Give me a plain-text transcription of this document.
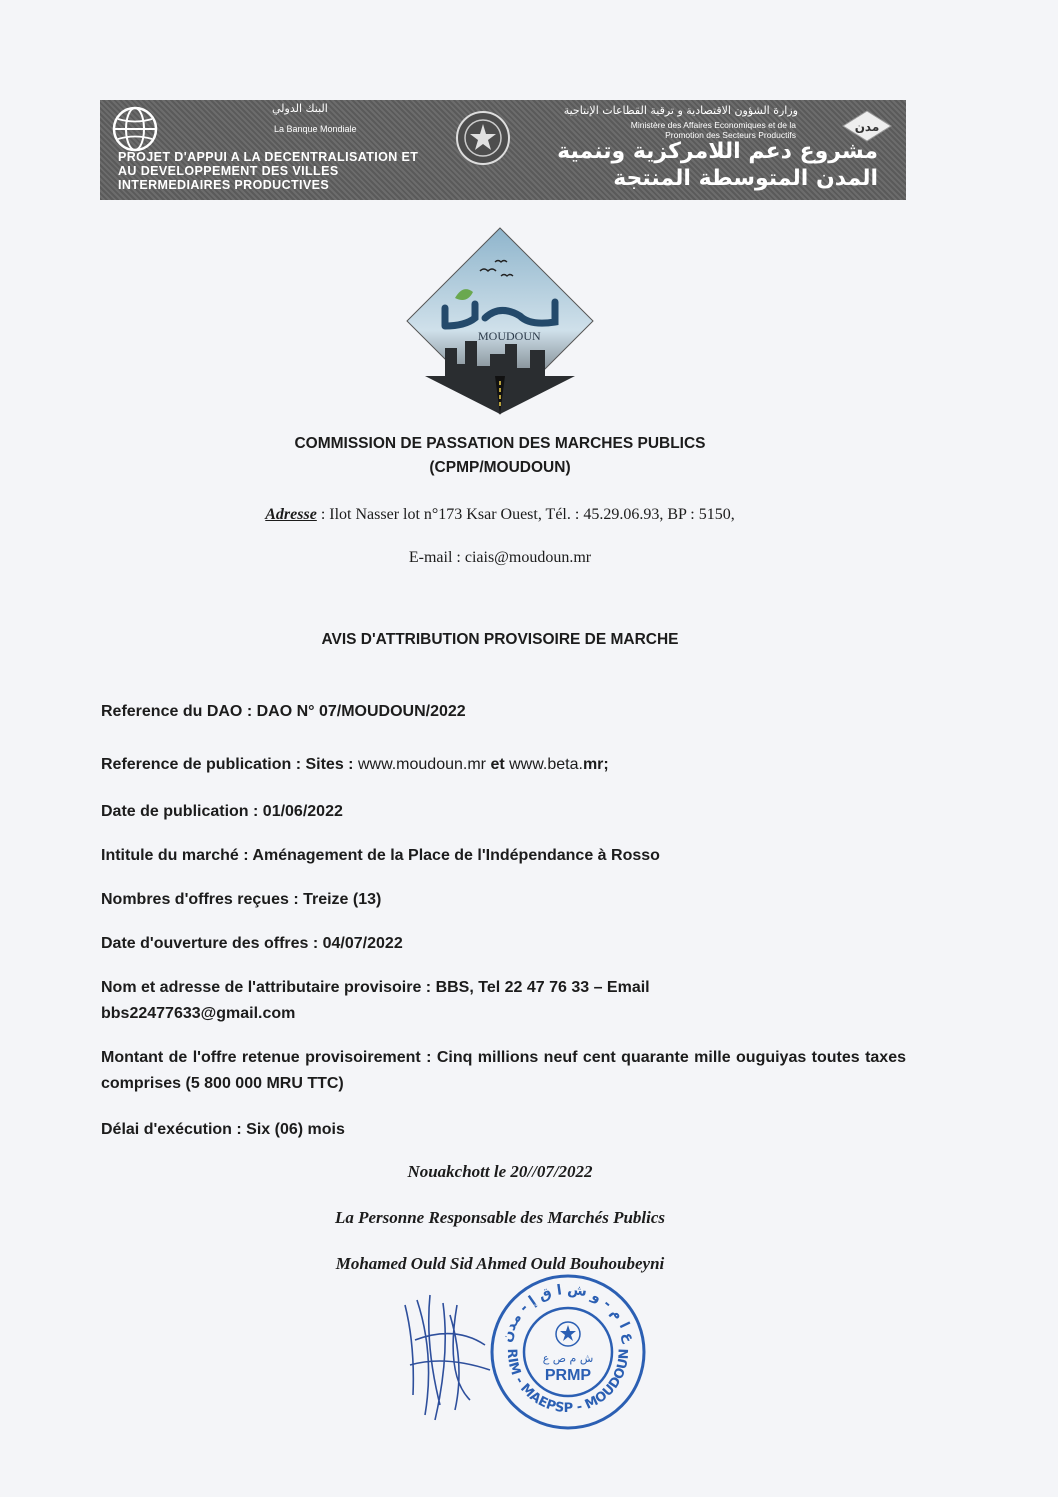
البنك الدولي
La Banque Mondiale
PROJET D'APPUI A LA DECENTRALISATION ET AU DEVELOPPEMENT DES VILLES INTERMEDIAIRES PRODUCTIVES
وزارة الشؤون الاقتصادية و ترقية القطاعات الإنتاجية
Ministère des Affaires Economiques et de la Promotion des Secteurs Productifs
مشروع دعم اللامركزية وتنمية المدن المتوسطة المنتجة
مدن
MOUDOUN
COMMISSION DE PASSATION DES MARCHES PUBLICS
(CPMP/MOUDOUN)
Adresse : Ilot Nasser lot n°173 Ksar Ouest, Tél. : 45.29.06.93, BP : 5150,
E-mail : ciais@moudoun.mr
AVIS D'ATTRIBUTION PROVISOIRE DE MARCHE
Reference du DAO : DAO N° 07/MOUDOUN/2022
Reference de publication : Sites : www.moudoun.mr et www.beta.mr;
Date de publication : 01/06/2022
Intitule du marché : Aménagement de la Place de l'Indépendance à Rosso
Nombres d'offres reçues : Treize (13)
Date d'ouverture des offres : 04/07/2022
Nom et adresse de l'attributaire provisoire : BBS, Tel 22 47 76 33 – Email bbs22477633@gmail.com
Montant de l'offre retenue provisoirement : Cinq millions neuf cent quarante mille ouguiyas toutes taxes comprises (5 800 000 MRU TTC)
Délai d'exécution : Six (06) mois
Nouakchott le 20//07/2022
La Personne Responsable des Marchés Publics
Mohamed Ould Sid Ahmed Ould Bouhoubeyni
ع ا م - و ش ا ق إ - مدن
RIM - MAEPSP - MOUDOUN
ش م ص ع
PRMP
